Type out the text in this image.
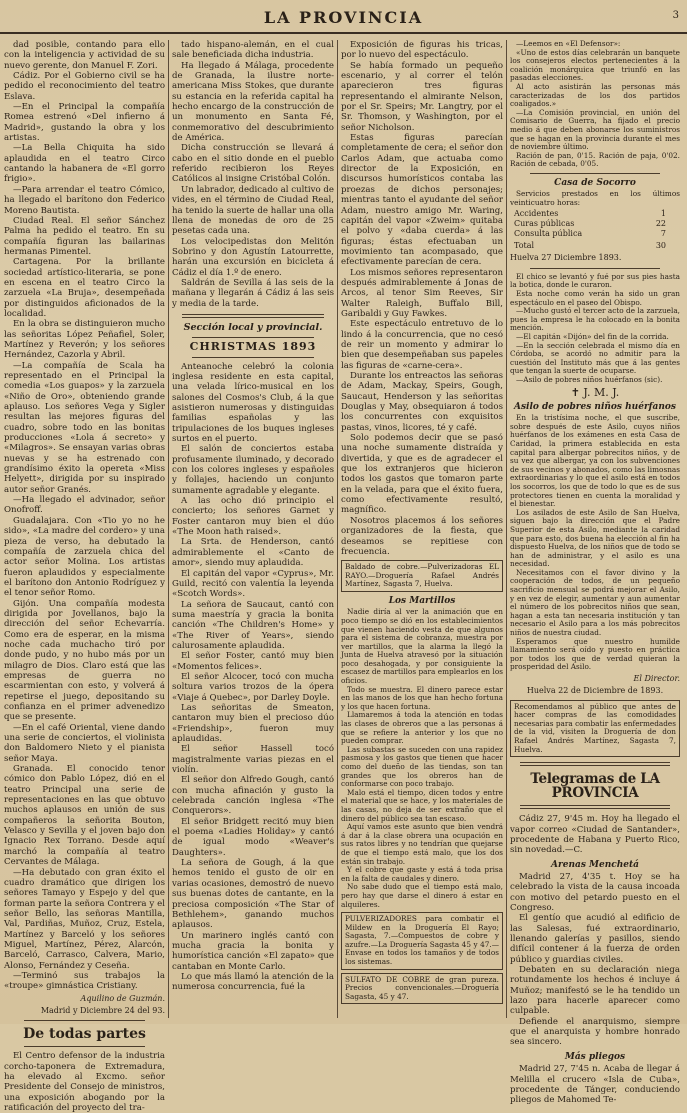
LA PROVINCIA	3

dad posible, contando para ello con la inteligencia y actividad de su nuevo gerente, don Manuel F. Zori.

Cádiz. Por el Gobierno civil se ha pedido el reconocimiento del teatro Eslava.

—En el Principal la compañía Romea estrenó «Del infierno á Madrid», gustando la obra y los artistas.

—La Bella Chiquita ha sido aplaudida en el teatro Circo cantando la habanera de «El gorro frigio».

—Para arrendar el teatro Cómico, ha llegado el barítono don Federico Moreno Bautista.

Ciudad Real. El señor Sánchez Palma ha pedido el teatro. En su compañía figuran las bailarinas hermanas Pimentel.

Cartagena. Por la brillante sociedad artístico-literaria, se pone en escena en el teatro Circo la zarzuela «La Bruja», desempeñada por distinguidos aficionados de la localidad.

En la obra se distinguieron mucho las señoritas López Peñafiel, Soler, Martínez y Reverón; y los señores Hernández, Cazorla y Abril.

—La compañía de Scala ha representado en el Principal la comedia «Los guapos» y la zarzuela «Niño de Oro», obteniendo grande aplauso. Los señores Vega y Sigler resultan las mejores figuras del cuadro, sobre todo en las bonitas producciones «Lola á secreto» y «Milagros». Se ensayan varias obras nuevas y se ha estrenado con grandísimo éxito la opereta «Miss Helyett», dirigida por su inspirado autor señor Granés.

—Ha llegado el advinador, señor Onofroff.

Guadalajara. Con «Tio yo no he sido», «La madre del cordero» y una pieza de verso, ha debutado la compañía de zarzuela chica del actor señor Molina. Los artistas fueron aplaudidos y especialmente el barítono don Antonio Rodríguez y el tenor señor Romo.

Gijón. Una compañía modesta dirigida por Jovellanos, bajo la dirección del señor Echevarría. Como era de esperar, en la misma noche cada muchacho tiró por donde pudo, y no hubo más por un milagro de Dios. Claro está que las empresas de guerra no escarmientan con esto, y volverá á repetirse el juego, depositando su confianza en el primer advenedizo que se presente.

—En el café Oriental, viene dando una serie de conciertos, el violinista don Baldomero Nieto y el pianista señor Maya.

Granada. El conocido tenor cómico don Pablo López, dió en el teatro Principal una serie de representaciones en las que obtuvo muchos aplausos en unión de sus compañeros la señorita Bouton, Velasco y Sevilla y el joven bajo don Ignacio Rex Torrano. Desde aquí marchó la compañía al teatro Cervantes de Málaga.

—Ha debutado con gran éxito el cuadro dramático que dirigen los señores Tamayo y Espejo y del que forman parte la señora Contrera y el señor Bello, las señoras Mantilla, Val, Pardiñas, Muñoz, Cruz, Estela, Martínez y Barceló y los señores Miguel, Martínez, Pérez, Alarcón, Barceló, Carrasco, Calvera, Mario, Alonso, Fernández y Ceseña.

—Terminó sus trabajos la «troupe» gimnástica Cristiany.

Aquilino de Guzmán.
Madrid y Diciembre 24 del 93.
De todas partes

El Centro defensor de la industria corcho-taponera de Extremadura, ha elevado al Excmo. señor Presidente del Consejo de ministros, una exposición abogando por la ratificación del proyecto del tra-

tado hispano-alemán, en el cual sale beneficiada dicha industria.

Ha llegado á Málaga, procedente de Granada, la ilustre norte-americana Miss Stokes, que durante su estancia en la referida capital ha hecho encargo de la construcción de un monumento en Santa Fé, conmemorativo del descubrimiento de América.

Dicha construcción se llevará á cabo en el sitio donde en el pueblo referido recibieron los Reyes Católicos al insigne Cristóbal Colón.

Un labrador, dedicado al cultivo de vides, en el término de Ciudad Real, ha tenido la suerte de hallar una olla llena de monedas de oro de 25 pesetas cada una.

Los velocipedistas don Melitón Sobrino y don Agustín Latourrette, harán una excursión en bicicleta á Cádiz el día 1.º de enero.

Saldrán de Sevilla á las seis de la mañana y llegarán á Cádiz á las seis y media de la tarde.

Sección local y provincial.
CHRISTMAS 1893

Anteanoche celebró la colonia inglesa residente en esta capital, una velada lírico-musical en los salones del Cosmos's Club, á la que asistieron numerosas y distinguidas familias españolas y las tripulaciones de los buques ingleses surtos en el puerto.

El salón de conciertos estaba profusamente iluminado, y decorado con los colores ingleses y españoles y follajes, haciendo un conjunto sumamente agradable y elegante.

A las ocho dió principio el concierto; los señores Garnet y Foster cantaron muy bien el dúo «The Moon hath raised».

La Srta. de Henderson, cantó admirablemente el «Canto de amor», siendo muy aplaudida.

El capitán del vapor «Cyprus», Mr. Guild, recitó con valentía la leyenda «Scotch Words».

La señora de Saucaut, cantó con suma maestría y gracia la bonita canción «The Children's Home» y «The River of Years», siendo calurosamente aplaudida.

El señor Foster, cantó muy bien «Momentos felices».

El señor Alcocer, tocó con mucha soltura varios trozos de la ópera «Viaje á Quebec», por Darley Doyle.

Las señoritas de Smeaton, cantaron muy bien el precioso dúo «Friendship», fueron muy aplaudidas.

El señor Hassell tocó magistralmente varias piezas en el violín.

El señor don Alfredo Gough, cantó con mucha afinación y gusto la celebrada canción inglesa «The Conquerors».

El señor Bridgett recitó muy bien el poema «Ladies Holiday» y cantó de igual modo «Weaver's Daughters».

La señora de Gough, á la que hemos tenido el gusto de oir en varias ocasiones, demostró de nuevo sus buenas dotes de cantante, en la preciosa composición «The Star of Bethlehem», ganando muchos aplausos.

Un marinero inglés cantó con mucha gracia la bonita y humorística canción «El zapato» que cantaban en Monte Carlo.

Lo que más llamó la atención de la numerosa concurrencia, fué la

Exposición de figuras his tricas, por lo nuevo del espectáculo.

Se había formado un pequeño escenario, y al correr el telón aparecieron tres figuras representando el almirante Nelson, por el Sr. Speirs; Mr. Langtry, por el Sr. Thomson, y Washington, por el señor Nicholson.

Estas figuras parecían completamente de cera; el señor don Carlos Adam, que actuaba como director de la Exposición, en discursos humorísticos contaba las proezas de dichos personajes; mientras tanto el ayudante del señor Adam, nuestro amigo Mr. Waring, capitán del vapor «Zweim» quitaba el polvo y «daba cuerda» á las figuras; éstas efectuaban un movimiento tan acompasado, que efectivamente parecían de cera.

Los mismos señores representaron después admirablemente á Jonas de Arcos, al tenor Sim Reeves, Sir Walter Raleigh, Buffalo Bill, Garibaldi y Guy Fawkes.

Este espectáculo entretuvo de lo lindo á la concurrencia, que no cesó de reir un momento y admirar lo bien que desempeñaban sus papeles las figuras de «carne-cera».

Durante los entreactos las señoras de Adam, Mackay, Speirs, Gough, Saucaut, Henderson y las señoritas Douglas y May, obsequiaron á todos los concurrentes con exquisitos pastas, vinos, licores, té y café.

Solo podemos decir que se pasó una noche sumamente distraída y divertida, y que es de agradecer el que los extranjeros que hicieron todos los gastos que tomaron parte en la velada, para que el éxito fuera, como efectivamente resultó, magnífico.

Nosotros placemos á los señores organizadores de la fiesta, que deseamos se repitiese con frecuencia.

Baldado de cobre.—Pulverizadoras EL RAYO.—Droguería Rafael Andrés Martínez, Sagasta 7, Huelva.
Los Martillos

Nadie diría al ver la animación que en poco tiempo se dió en los establecimientos que vienen haciendo vesta de que algunos para el sistema de cobranza, muestra por ver martillos, que la alarma la llegó la Junta de Huelva atravesó por la situación poco desahogada, y por consiguiente la escasez de martillos para emplearlos en los oficios.

Todo se muestra. El dinero parece estar en las manos de los que han hecho fortuna y los que hacen fortuna.

Llamaremos á toda la atención en todas las clases de obreros que a las personas á que se refiere la anterior y los que no pueden comprar.

Las subastas se suceden con una rapidez pasmosa y los gastos que tienen que hacer como del dueño de las tiendas, son tan grandes que los obreros han de conformarse con poco trabajo.

Malo está el tiempo, dicen todos y entre el material que se hace, y los materiales de las casas, no deja de ser extraño que el dinero del público sea tan escaso.

Aquí vamos este asunto que bien vendrá á dar á la clase obrera una ocupación en sus ratos libres y no tendrían que quejarse de que el tiempo está malo, que los dos están sin trabajo.

Y el cobre que gaste y está á toda prisa en la falta de caudales y dinero.

No sabe dudo que el tiempo está malo, pero hay que darse el dinero á estar en alquileres.

PULVERIZADORES para combatir el Mildew en la Droguería El Rayo; Sagasta, 7.—Compuestos de cobre y azufre.—La Droguería Sagasta 45 y 47.—Envase en todos los tamaños y de todos los sistemas.
SULFATO DE COBRE de gran pureza. Precios convencionales.—Droguería Sagasta, 45 y 47.

—Leemos en «El Defensor»:

«Uno de estos días celebrarán un banquete los consejeros electos pertenecientes á la coalición monárquica que triunfó en las pasadas elecciones.

Al acto asistirán las personas más caracterizadas de los dos partidos coaligados.»

—La Comisión provincial, en unión del Comisario de Guerra, ha fijado el precio medio á que deben abonarse los suministros que se hagan en la provincia durante el mes de noviembre último.

Ración de pan, 0'15. Ración de paja, 0'02. Ración de cebada, 0'05.

Casa de Socorro

Servicios prestados en los últimos veinticuatro horas:

Accidentes	1
Curas públicas	22
Consulta pública	7
Total	30
Huelva 27 Diciembre 1893.

El chico se levantó y fué por sus pies hasta la botica, donde le curaron.

Esta noche como verán ha sido un gran espectáculo en el paseo del Obispo.

—Mucho gustó el tercer acto de la zarzuela, pues la empresa le ha colocado en la bonita mención.

—El capitán «Dijón» del fin de la corrida.

—En la sección celebrada el mismo día en Córdoba, se acordó no admitir para la cuestión del Instituto más que á las gentes que tengan la suerte de ocuparse.

—Asilo de pobres niños huérfanos (sic).

✝ J. M. J.
Asilo de pobres niños huérfanos

En la tristísima noche, el que suscribe, sobre después de este Asilo, cuyos niños huérfanos de los exámenes en esta Casa de Caridad, la primera establecida en esta capital para albergar pobrecitos niños, y de su vez que albergar, ya con los subvenciones de sus vecinos y abonados, como las limosnas extraordinarias y lo que el asilo está en todos los socorros, los que de todo lo que es de sus protectores tienen en cuenta la moralidad y el bienestar.

Los asilados de este Asilo de San Huelva, siguen bajo la dirección que el Padre Superior de esta Asilo, mediante la caridad que para esto, dos buena ha elección al fin ha dispuesto Huelva, de los niños que de todo se han de administrar, y el asilo es una necesidad.

Necesitamos con el favor divino y la cooperación de todos, de un pequeño sacrificio mensual se podrá mejorar el Asilo, y en vez de elegir, aumentar y aun aumentar el número de los pobrecitos niños que sean, hagan a esta tan necesaria institución y tan necesario el Asilo para a los más pobrecitos niños de nuestra ciudad.

Esperamos que nuestro humilde llamamiento será oído y puesto en práctica por todos los que de verdad quieran la prosperidad del Asilo.

El Director.
Huelva 22 de Diciembre de 1893.
Recomendamos al público que antes de hacer compras de las comodidades necesarias para combatir las enfermedades de la vid, visiten la Droguería de don Rafael Andrés Martínez, Sagasta 7, Huelva.
Telegramas de LA PROVINCIA

Cádiz 27, 9'45 m. Hoy ha llegado el vapor correo «Ciudad de Santander», procedente de Habana y Puerto Rico, sin novedad.—C.

Arenas Menchetá

Madrid 27, 4'35 t. Hoy se ha celebrado la vista de la causa incoada con motivo del petardo puesto en el Congreso.

El gentío que acudió al edificio de las Salesas, fué extraordinario, llenando galerías y pasillos, siendo difícil contener á la fuerza de orden público y guardias civiles.

Debaten en su declaración niega rotundamente los hechos é incluye á Muñoz; manifestó se le ha tendido un lazo para hacerle aparecer como culpable.

Defiende el anarquismo, siempre que el anarquista y hombre honrado sea sincero.

Más pliegos

Madrid 27, 7'45 n. Acaba de llegar á Melilla el crucero «Isla de Cuba», procedente de Tánger, conduciendo pliegos de Mahomed Te-
